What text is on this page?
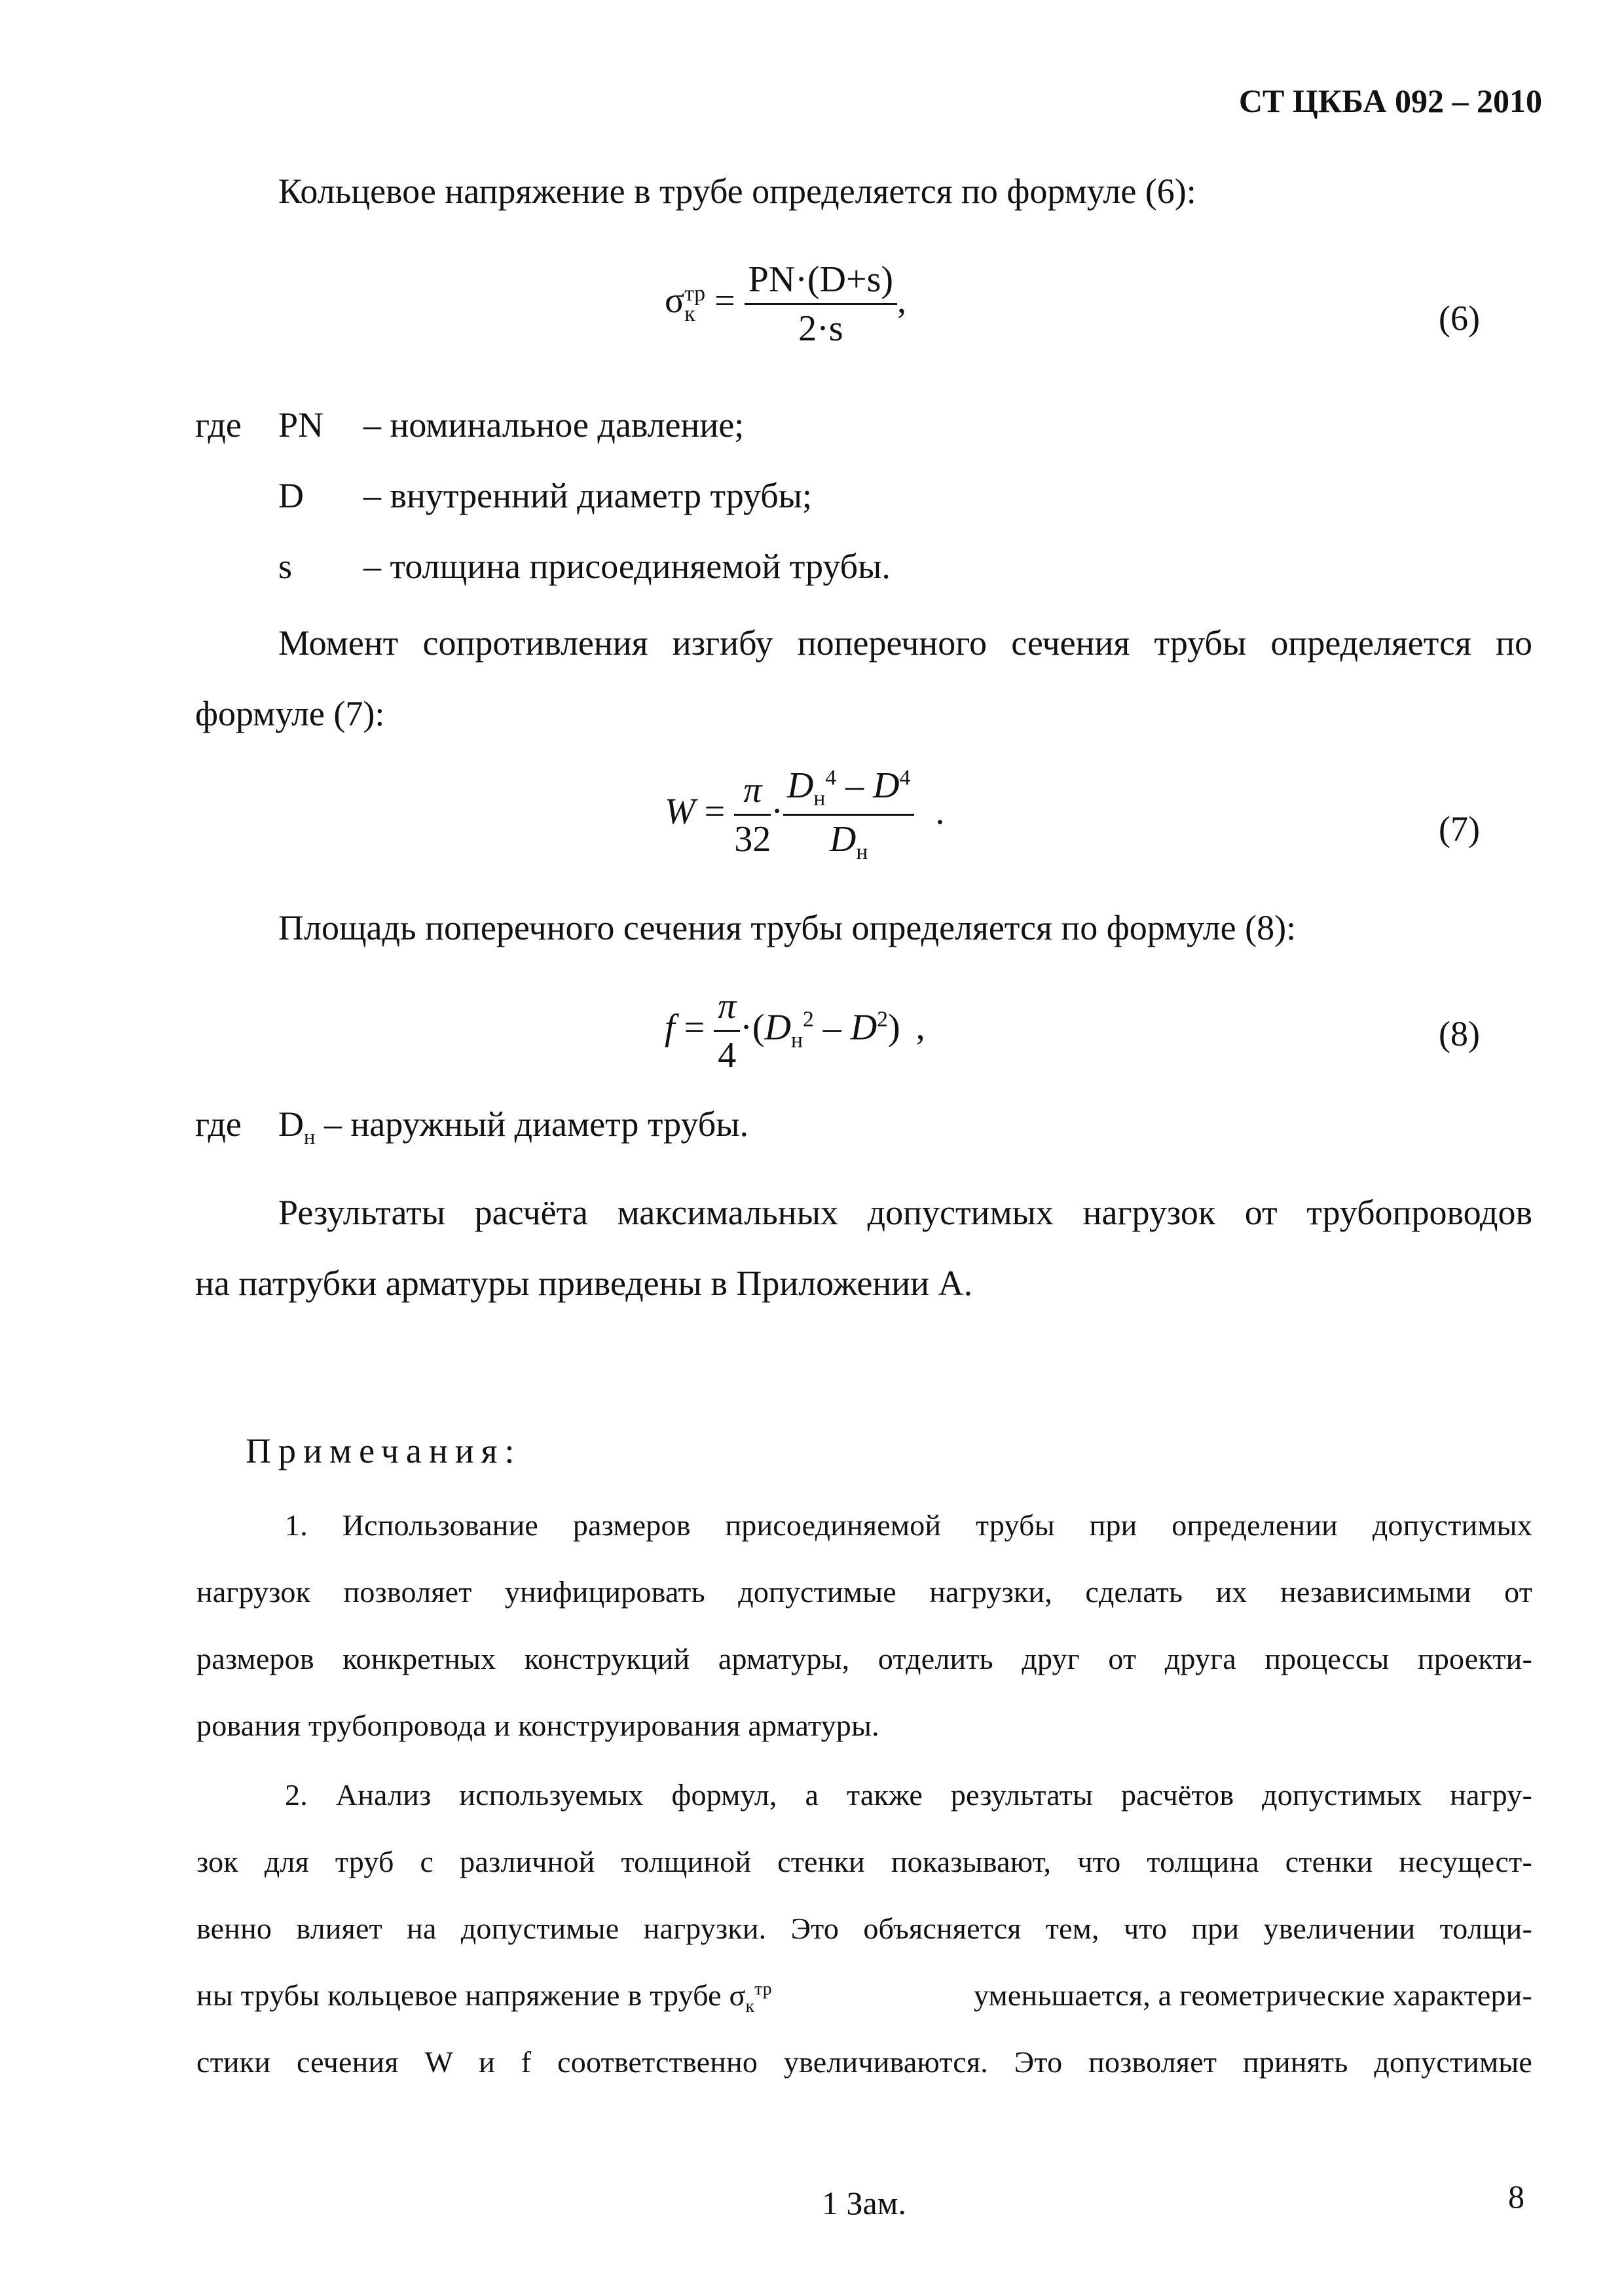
СТ ЦКБА 092 – 2010
Кольцевое напряжение в трубе определяется по формуле (6):
σ тр
$к = \frac{PN\cdot(D+s)}{2\cdot s}$ ,	(6)
где PN – номинальное давление;
D – внутренний диаметр трубы;
s – толщина присоединяемой трубы.
Момент сопротивления изгибу поперечного сечения трубы определяется по
формуле (7):
$W = \frac{\pi}{32} \cdot \frac{D_н^4 - D^4}{D_н}$ .	(7)
Площадь поперечного сечения трубы определяется по формуле (8):
$f = \frac{\pi}{4} \cdot(D_н^2 - D^2)$ ,	(8)
где $D_н$ – наружный диаметр трубы.
Результаты расчёта максимальных допустимых нагрузок от трубопроводов
на патрубки арматуры приведены в Приложении А.
Примечания:
1. Использование размеров присоединяемой трубы при определении допустимых
нагрузок позволяет унифицировать допустимые нагрузки, сделать их независимыми от
размеров конкретных конструкций арматуры, отделить друг от друга процессы проекти-
рования трубопровода и конструирования арматуры.
2. Анализ используемых формул, а также результаты расчётов допустимых нагру-
зок для труб с различной толщиной стенки показывают, что толщина стенки несущест-
венно влияет на допустимые нагрузки. Это объясняется тем, что при увеличении толщи-
ны трубы кольцевое напряжение в трубе $\sigma_к^{тр}$	уменьшается, а геометрические характери-
стики сечения W и f соответственно увеличиваются. Это позволяет принять допустимые
1 Зам.	8
